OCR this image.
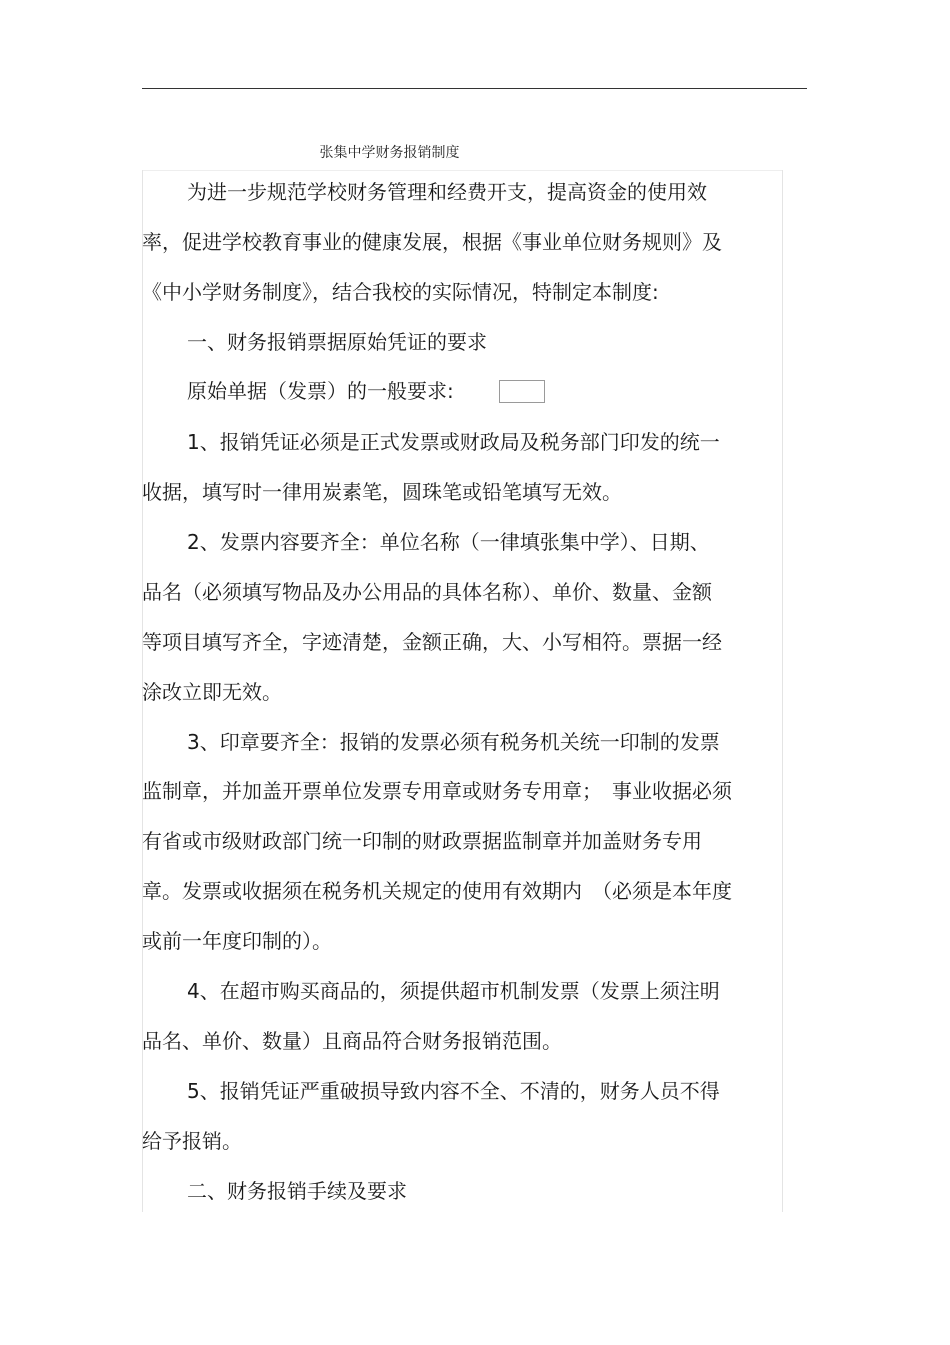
张集中学财务报销制度
为进一步规范学校财务管理和经费开支，提高资金的使用效
率，促进学校教育事业的健康发展，根据《事业单位财务规则》及
《中小学财务制度》，结合我校的实际情况，特制定本制度:
一、财务报销票据原始凭证的要求
原始单据（发票）的一般要求:
1、报销凭证必须是正式发票或财政局及税务部门印发的统一
收据，填写时一律用炭素笔，圆珠笔或铅笔填写无效。
2、发票内容要齐全：单位名称（一律填张集中学）、日期、
品名（必须填写物品及办公用品的具体名称）、单价、数量、金额
等项目填写齐全，字迹清楚，金额正确，大、小写相符。票据一经
涂改立即无效。
3、印章要齐全：报销的发票必须有税务机关统一印制的发票
监制章，并加盖开票单位发票专用章或财务专用章；　事业收据必须
有省或市级财政部门统一印制的财政票据监制章并加盖财务专用
章。发票或收据须在税务机关规定的使用有效期内　（必须是本年度
或前一年度印制的）。
4、在超市购买商品的，须提供超市机制发票（发票上须注明
品名、单价、数量）且商品符合财务报销范围。
5、报销凭证严重破损导致内容不全、不清的，财务人员不得
给予报销。
二、财务报销手续及要求
